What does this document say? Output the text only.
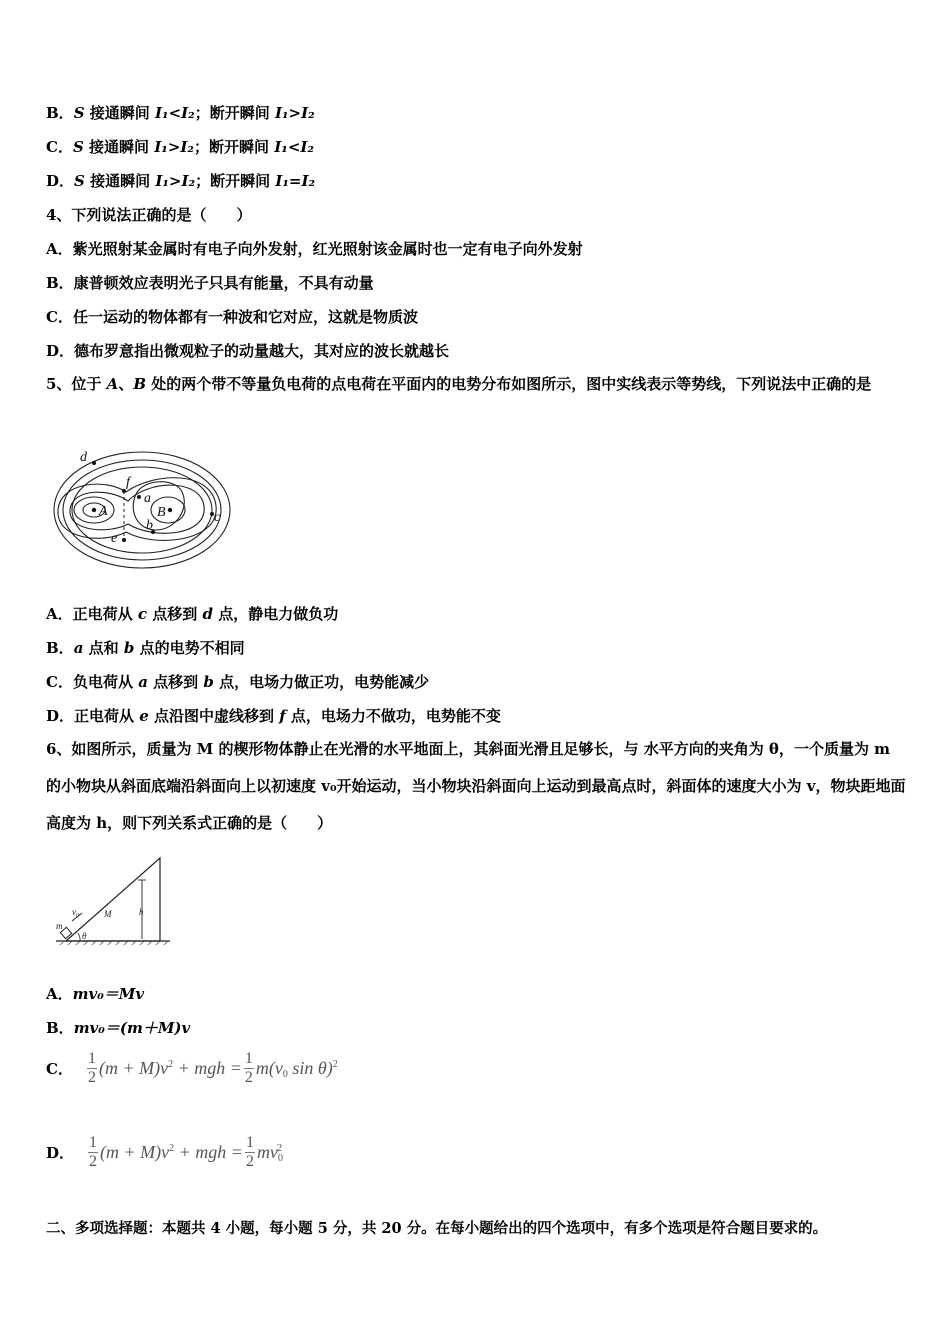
B．S 接通瞬间 I₁<I₂；断开瞬间 I₁>I₂
C．S 接通瞬间 I₁>I₂；断开瞬间 I₁<I₂
D．S 接通瞬间 I₁>I₂；断开瞬间 I₁=I₂
4、下列说法正确的是（　　）
A．紫光照射某金属时有电子向外发射，红光照射该金属时也一定有电子向外发射
B．康普顿效应表明光子只具有能量，不具有动量
C．任一运动的物体都有一种波和它对应，这就是物质波
D．德布罗意指出微观粒子的动量越大，其对应的波长就越长
5、位于 A、B 处的两个带不等量负电荷的点电荷在平面内的电势分布如图所示，图中实线表示等势线，下列说法中正确的是
d
f
a
A	B
b
c
e
A．正电荷从 c 点移到 d 点，静电力做负功
B．a 点和 b 点的电势不相同
C．负电荷从 a 点移到 b 点，电场力做正功，电势能减少
D．正电荷从 e 点沿图中虚线移到 f 点，电场力不做功，电势能不变
6、如图所示，质量为 M 的楔形物体静止在光滑的水平地面上，其斜面光滑且足够长，与 水平方向的夹角为 θ，一个质量为 m 的小物块从斜面底端沿斜面向上以初速度 v₀开始运动，当小物块沿斜面向上运动到最高点时，斜面体的速度大小为 v，物块距地面高度为 h，则下列关系式正确的是（　　）
m
v₀	M
θ
h
A．mv₀＝Mv
B．mv₀＝(m＋M)v
C． $\frac{1}{2} (m + M)v^2$ + mgh = $\frac{1}{2} m(v_0$ sin θ)$^2$
D． $\frac{1}{2} (m + M)v^2$ + mgh = $\frac{1}{2} mv_0^2$
二、多项选择题：本题共 4 小题，每小题 5 分，共 20 分。在每小题给出的四个选项中，有多个选项是符合题目要求的。
